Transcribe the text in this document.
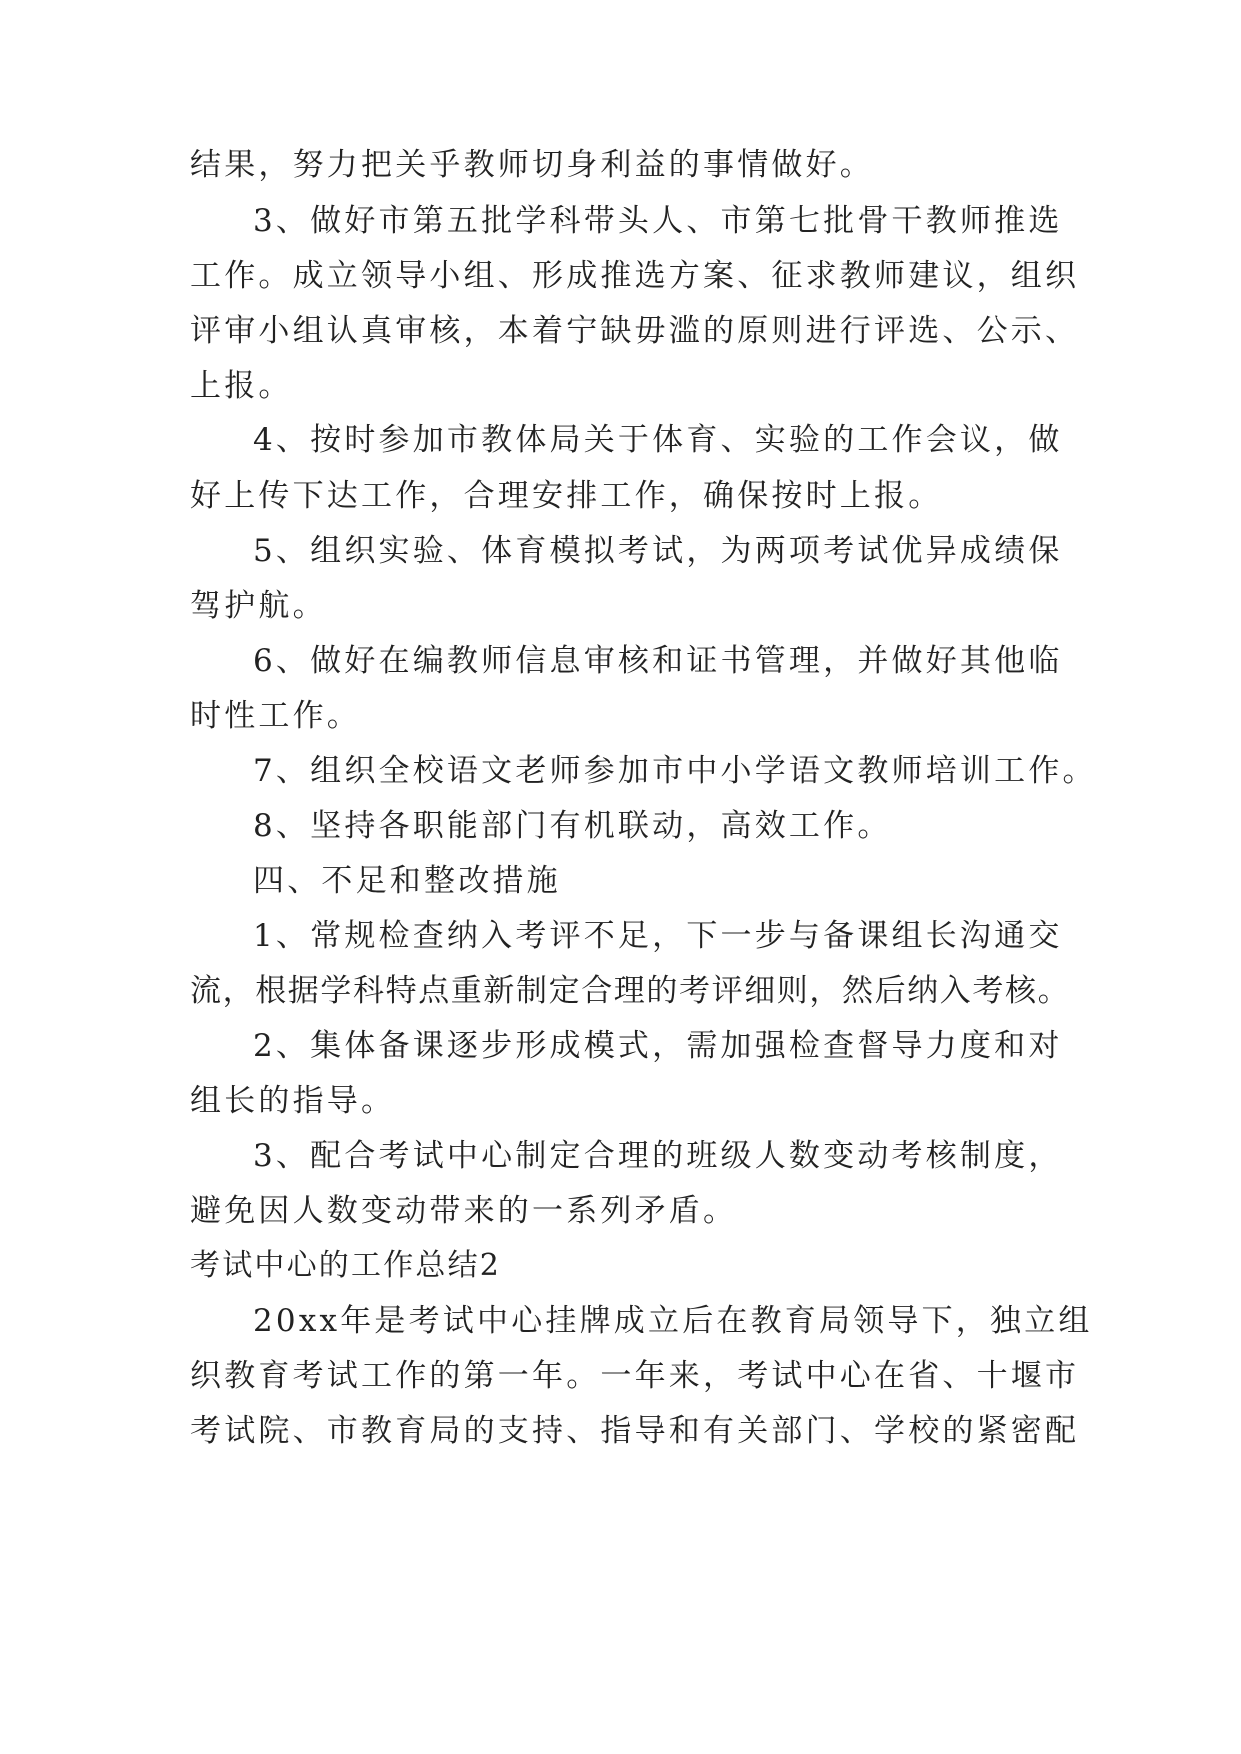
结果，努力把关乎教师切身利益的事情做好。
3、做好市第五批学科带头人、市第七批骨干教师推选
工作。成立领导小组、形成推选方案、征求教师建议，组织
评审小组认真审核，本着宁缺毋滥的原则进行评选、公示、
上报。
4、按时参加市教体局关于体育、实验的工作会议，做
好上传下达工作，合理安排工作，确保按时上报。
5、组织实验、体育模拟考试，为两项考试优异成绩保
驾护航。
6、做好在编教师信息审核和证书管理，并做好其他临
时性工作。
7、组织全校语文老师参加市中小学语文教师培训工作。
8、坚持各职能部门有机联动，高效工作。
四、不足和整改措施
1、常规检查纳入考评不足，下一步与备课组长沟通交
流，根据学科特点重新制定合理的考评细则，然后纳入考核。
2、集体备课逐步形成模式，需加强检查督导力度和对
组长的指导。
3、配合考试中心制定合理的班级人数变动考核制度，
避免因人数变动带来的一系列矛盾。
考试中心的工作总结2
20xx年是考试中心挂牌成立后在教育局领导下，独立组
织教育考试工作的第一年。一年来，考试中心在省、十堰市
考试院、市教育局的支持、指导和有关部门、学校的紧密配
